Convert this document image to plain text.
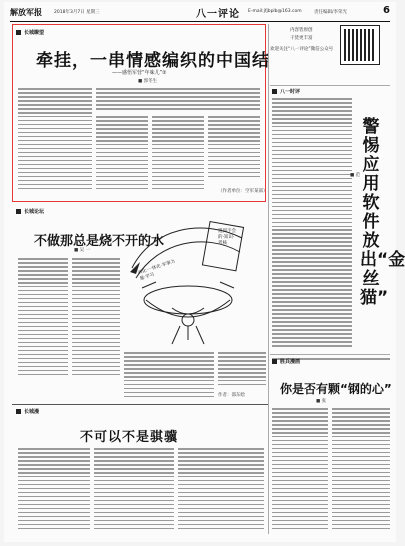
解放军报	2018年3月7日 星期三	八一评论 E-mail:jfjbplb@163.com	责任编辑/李荣光	6
内容皆原创
干货更丰富
欢迎关注“八一评论”微信公众号
长城瞭望
牵挂，一串情感编织的中国结
——感悟军营“年味儿”②
■ 郭冬生
（作者单位：空军某部）
八一时评
警惕应用软件放出“金丝猫”
■ 范
长城论坛
不做那总是烧不开的水
■ 吴 一
四化·一体化·军事力量·学习
遇到不会的·知识·考核
作者：邵东绘
长城漫
不可以不是骐骥
胜兵漫画
你是否有颗“钢的心”
■ 张
